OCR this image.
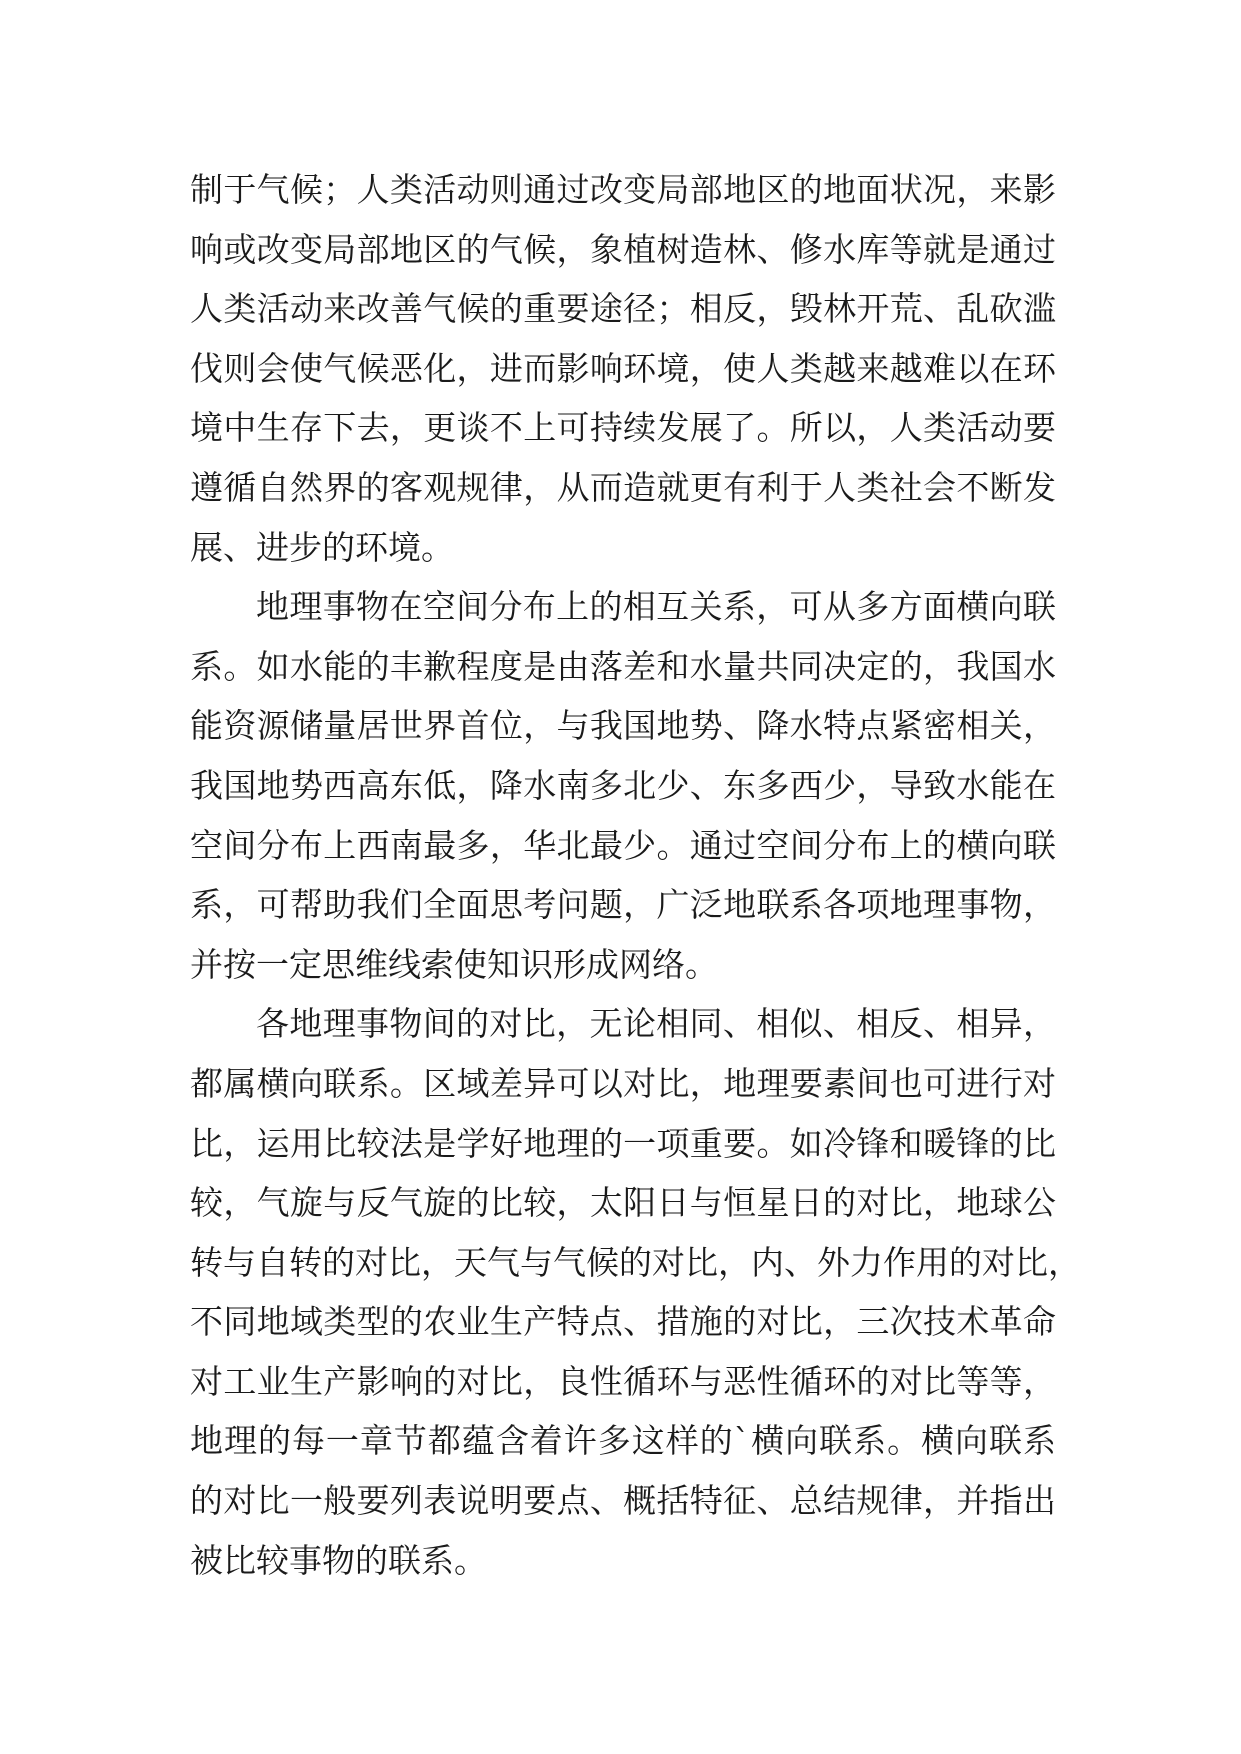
制于气候；人类活动则通过改变局部地区的地面状况，来影
响或改变局部地区的气候，象植树造林、修水库等就是通过
人类活动来改善气候的重要途径；相反，毁林开荒、乱砍滥
伐则会使气候恶化，进而影响环境，使人类越来越难以在环
境中生存下去，更谈不上可持续发展了。所以，人类活动要
遵循自然界的客观规律，从而造就更有利于人类社会不断发
展、进步的环境。
地理事物在空间分布上的相互关系，可从多方面横向联
系。如水能的丰歉程度是由落差和水量共同决定的，我国水
能资源储量居世界首位，与我国地势、降水特点紧密相关，
我国地势西高东低，降水南多北少、东多西少，导致水能在
空间分布上西南最多，华北最少。通过空间分布上的横向联
系，可帮助我们全面思考问题，广泛地联系各项地理事物，
并按一定思维线索使知识形成网络。
各地理事物间的对比，无论相同、相似、相反、相异，
都属横向联系。区域差异可以对比，地理要素间也可进行对
比，运用比较法是学好地理的一项重要。如冷锋和暖锋的比
较，气旋与反气旋的比较，太阳日与恒星日的对比，地球公
转与自转的对比，天气与气候的对比，内、外力作用的对比，
不同地域类型的农业生产特点、措施的对比，三次技术革命
对工业生产影响的对比，良性循环与恶性循环的对比等等，
地理的每一章节都蕴含着许多这样的`横向联系。横向联系
的对比一般要列表说明要点、概括特征、总结规律，并指出
被比较事物的联系。
